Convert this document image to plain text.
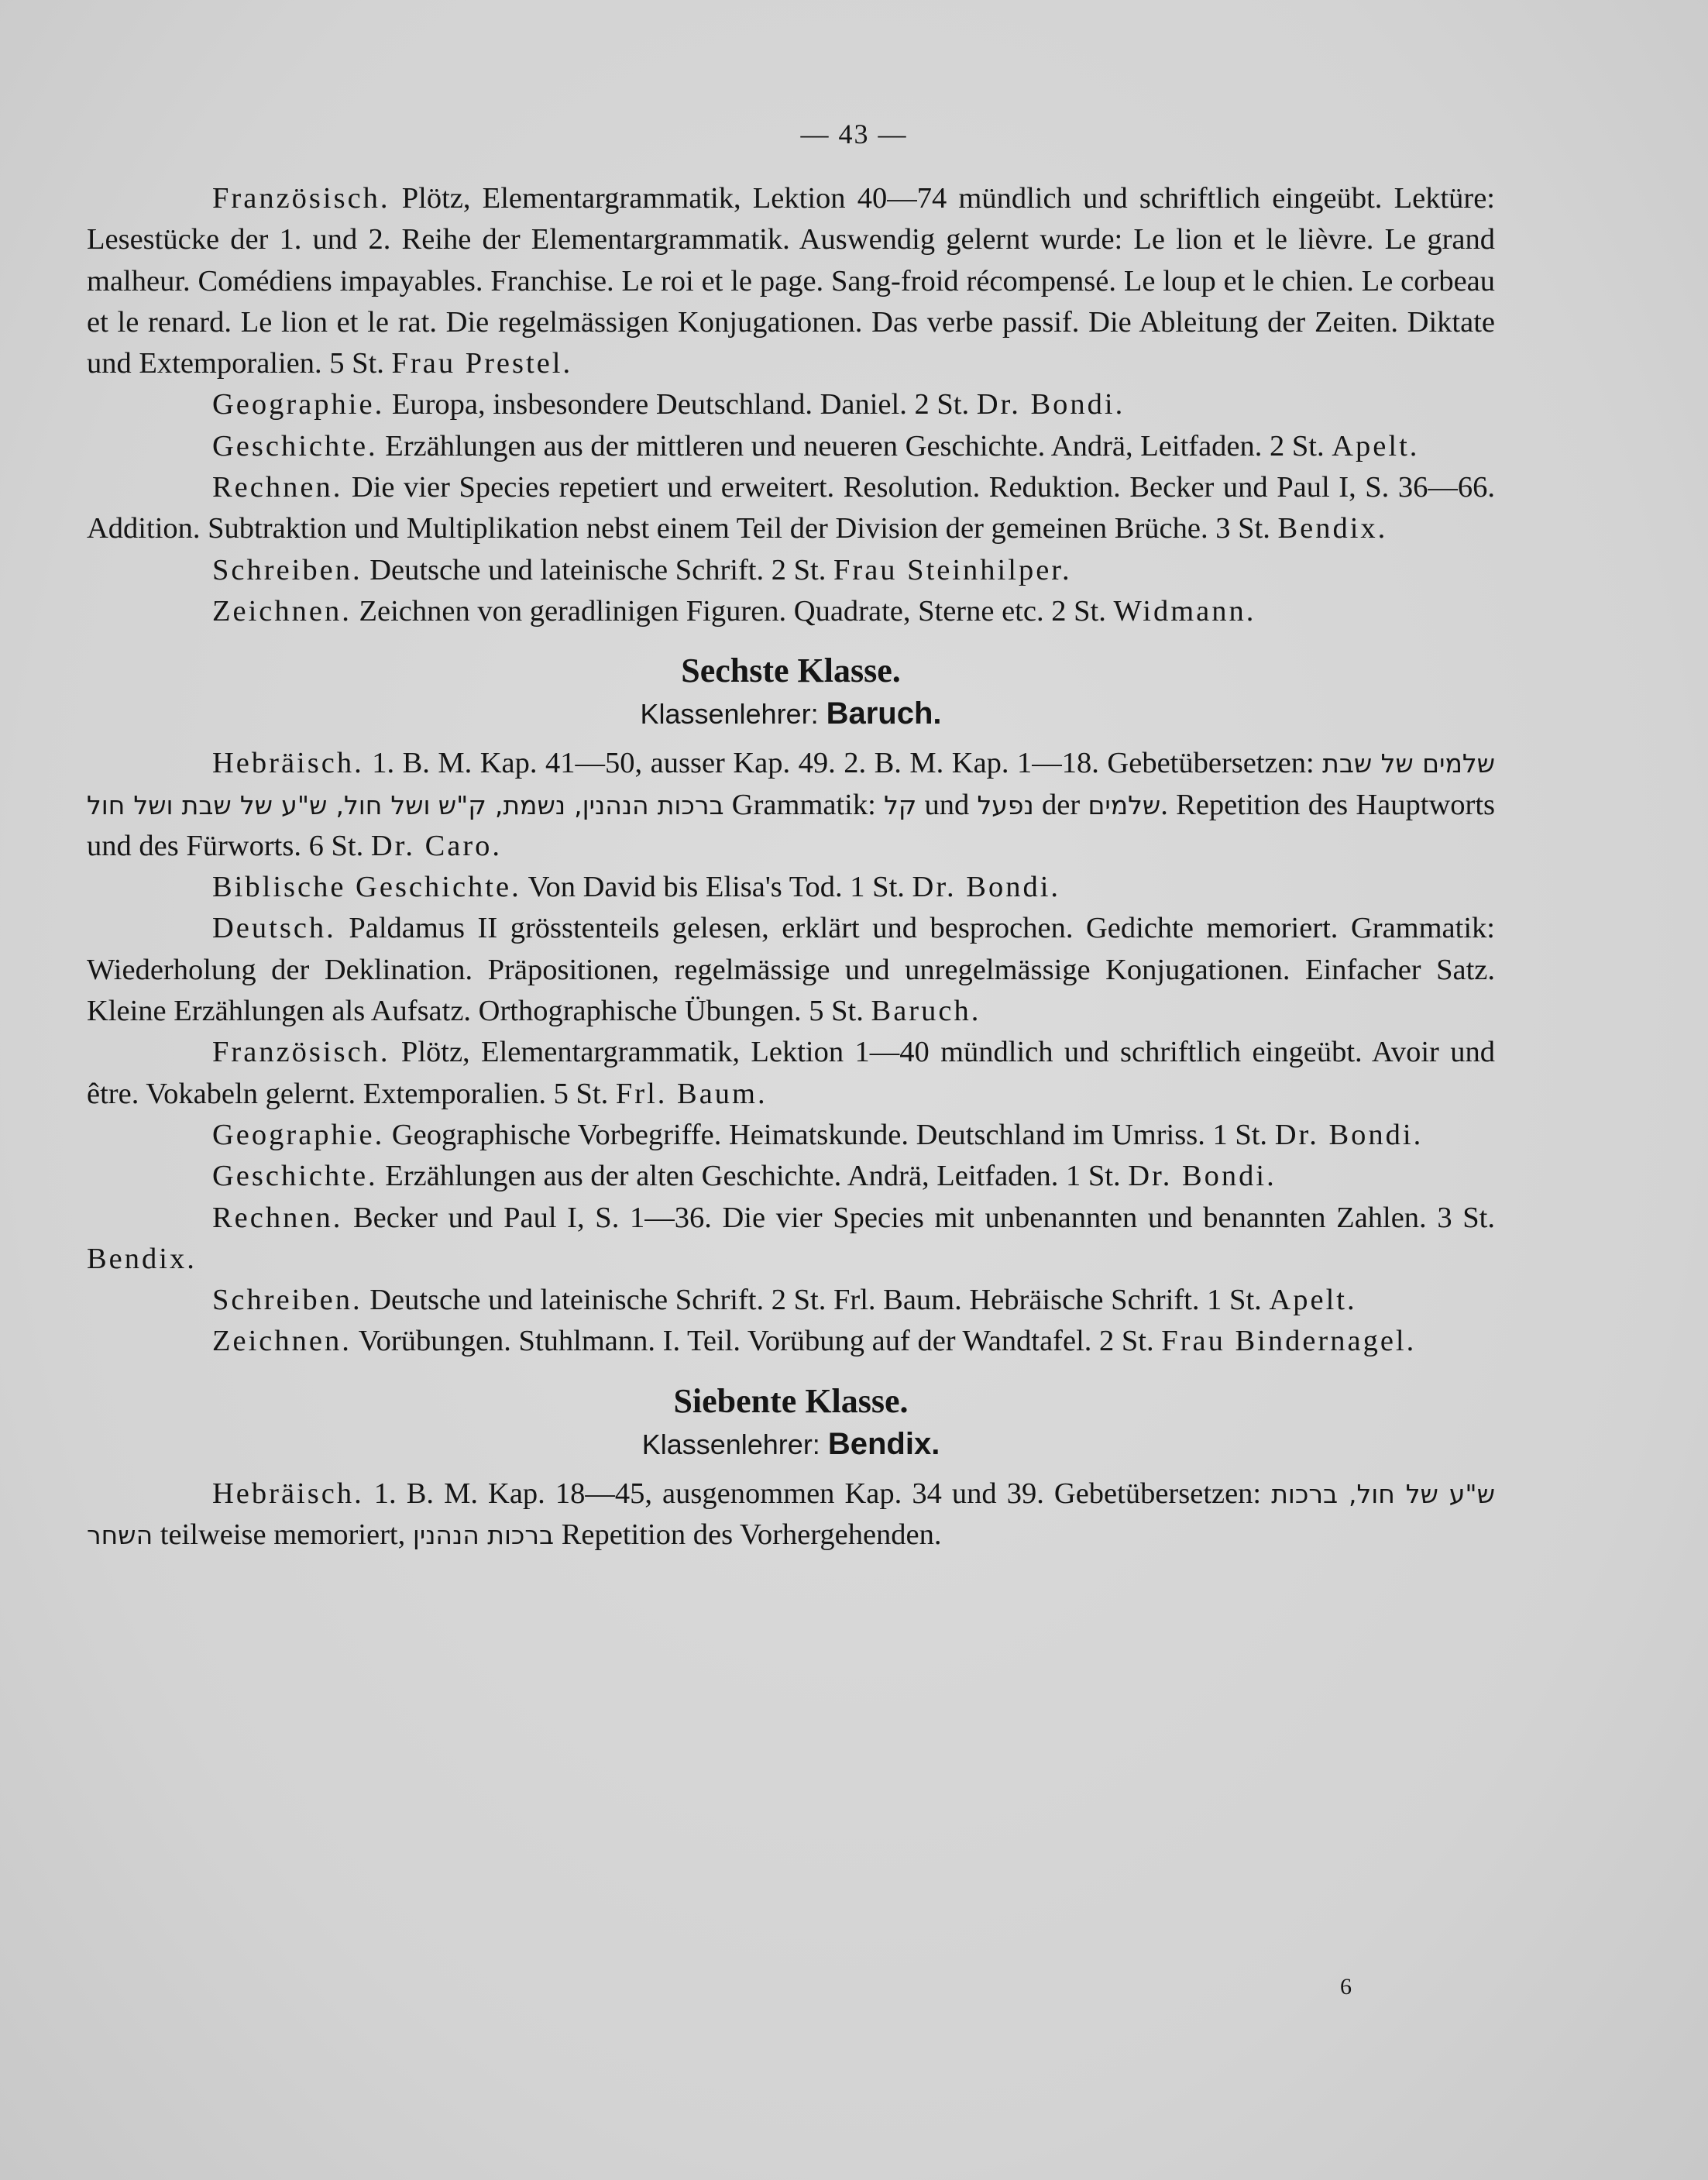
— 43 —

Französisch. Plötz, Elementargrammatik, Lektion 40—74 mündlich und schriftlich eingeübt. Lektüre: Lesestücke der 1. und 2. Reihe der Elementargrammatik. Auswendig gelernt wurde: Le lion et le lièvre. Le grand malheur. Comédiens impayables. Franchise. Le roi et le page. Sang-froid récompensé. Le loup et le chien. Le corbeau et le renard. Le lion et le rat. Die regelmässigen Konjugationen. Das verbe passif. Die Ableitung der Zeiten. Diktate und Extemporalien. 5 St. Frau Prestel.

Geographie. Europa, insbesondere Deutschland. Daniel. 2 St. Dr. Bondi.

Geschichte. Erzählungen aus der mittleren und neueren Geschichte. Andrä, Leitfaden. 2 St. Apelt.

Rechnen. Die vier Species repetiert und erweitert. Resolution. Reduktion. Becker und Paul I, S. 36—66. Addition. Subtraktion und Multiplikation nebst einem Teil der Division der gemeinen Brüche. 3 St. Bendix.

Schreiben. Deutsche und lateinische Schrift. 2 St. Frau Steinhilper.

Zeichnen. Zeichnen von geradlinigen Figuren. Quadrate, Sterne etc. 2 St. Widmann.

Sechste Klasse.

Klassenlehrer: Baruch.

Hebräisch. 1. B. M. Kap. 41—50, ausser Kap. 49. 2. B. M. Kap. 1—18. Gebetübersetzen: שלמים של שבת ושל חול, ש"ע של שבת ושל חול ברכות הנהנין, נשמת, ק"ש Grammatik: קל und נפעל der שלמים. Repetition des Hauptworts und des Fürworts. 6 St. Dr. Caro.

Biblische Geschichte. Von David bis Elisa's Tod. 1 St. Dr. Bondi.

Deutsch. Paldamus II grösstenteils gelesen, erklärt und besprochen. Gedichte memoriert. Grammatik: Wiederholung der Deklination. Präpositionen, regelmässige und unregelmässige Konjugationen. Einfacher Satz. Kleine Erzählungen als Aufsatz. Orthographische Übungen. 5 St. Baruch.

Französisch. Plötz, Elementargrammatik, Lektion 1—40 mündlich und schriftlich eingeübt. Avoir und être. Vokabeln gelernt. Extemporalien. 5 St. Frl. Baum.

Geographie. Geographische Vorbegriffe. Heimatskunde. Deutschland im Umriss. 1 St. Dr. Bondi.

Geschichte. Erzählungen aus der alten Geschichte. Andrä, Leitfaden. 1 St. Dr. Bondi.

Rechnen. Becker und Paul I, S. 1—36. Die vier Species mit unbenannten und benannten Zahlen. 3 St. Bendix.

Schreiben. Deutsche und lateinische Schrift. 2 St. Frl. Baum. Hebräische Schrift. 1 St. Apelt.

Zeichnen. Vorübungen. Stuhlmann. I. Teil. Vorübung auf der Wandtafel. 2 St. Frau Bindernagel.

Siebente Klasse.

Klassenlehrer: Bendix.

Hebräisch. 1. B. M. Kap. 18—45, ausgenommen Kap. 34 und 39. Gebetübersetzen: ש"ע של חול, ברכות השחר teilweise memoriert, ברכות הנהנין Repetition des Vorhergehenden.

6
